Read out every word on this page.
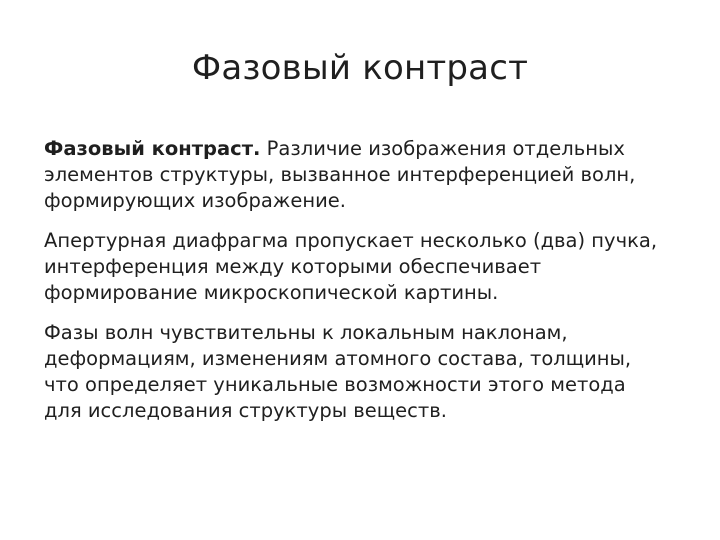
Фазовый контраст

Фазовый контраст. Различие изображения отдельных
элементов структуры, вызванное интерференцией волн,
формирующих изображение.

Апертурная диафрагма пропускает несколько (два) пучка,
интерференция между которыми обеспечивает
формирование микроскопической картины.

Фазы волн чувствительны к локальным наклонам,
деформациям, изменениям атомного состава, толщины,
что определяет уникальные возможности этого метода
для исследования структуры веществ.
